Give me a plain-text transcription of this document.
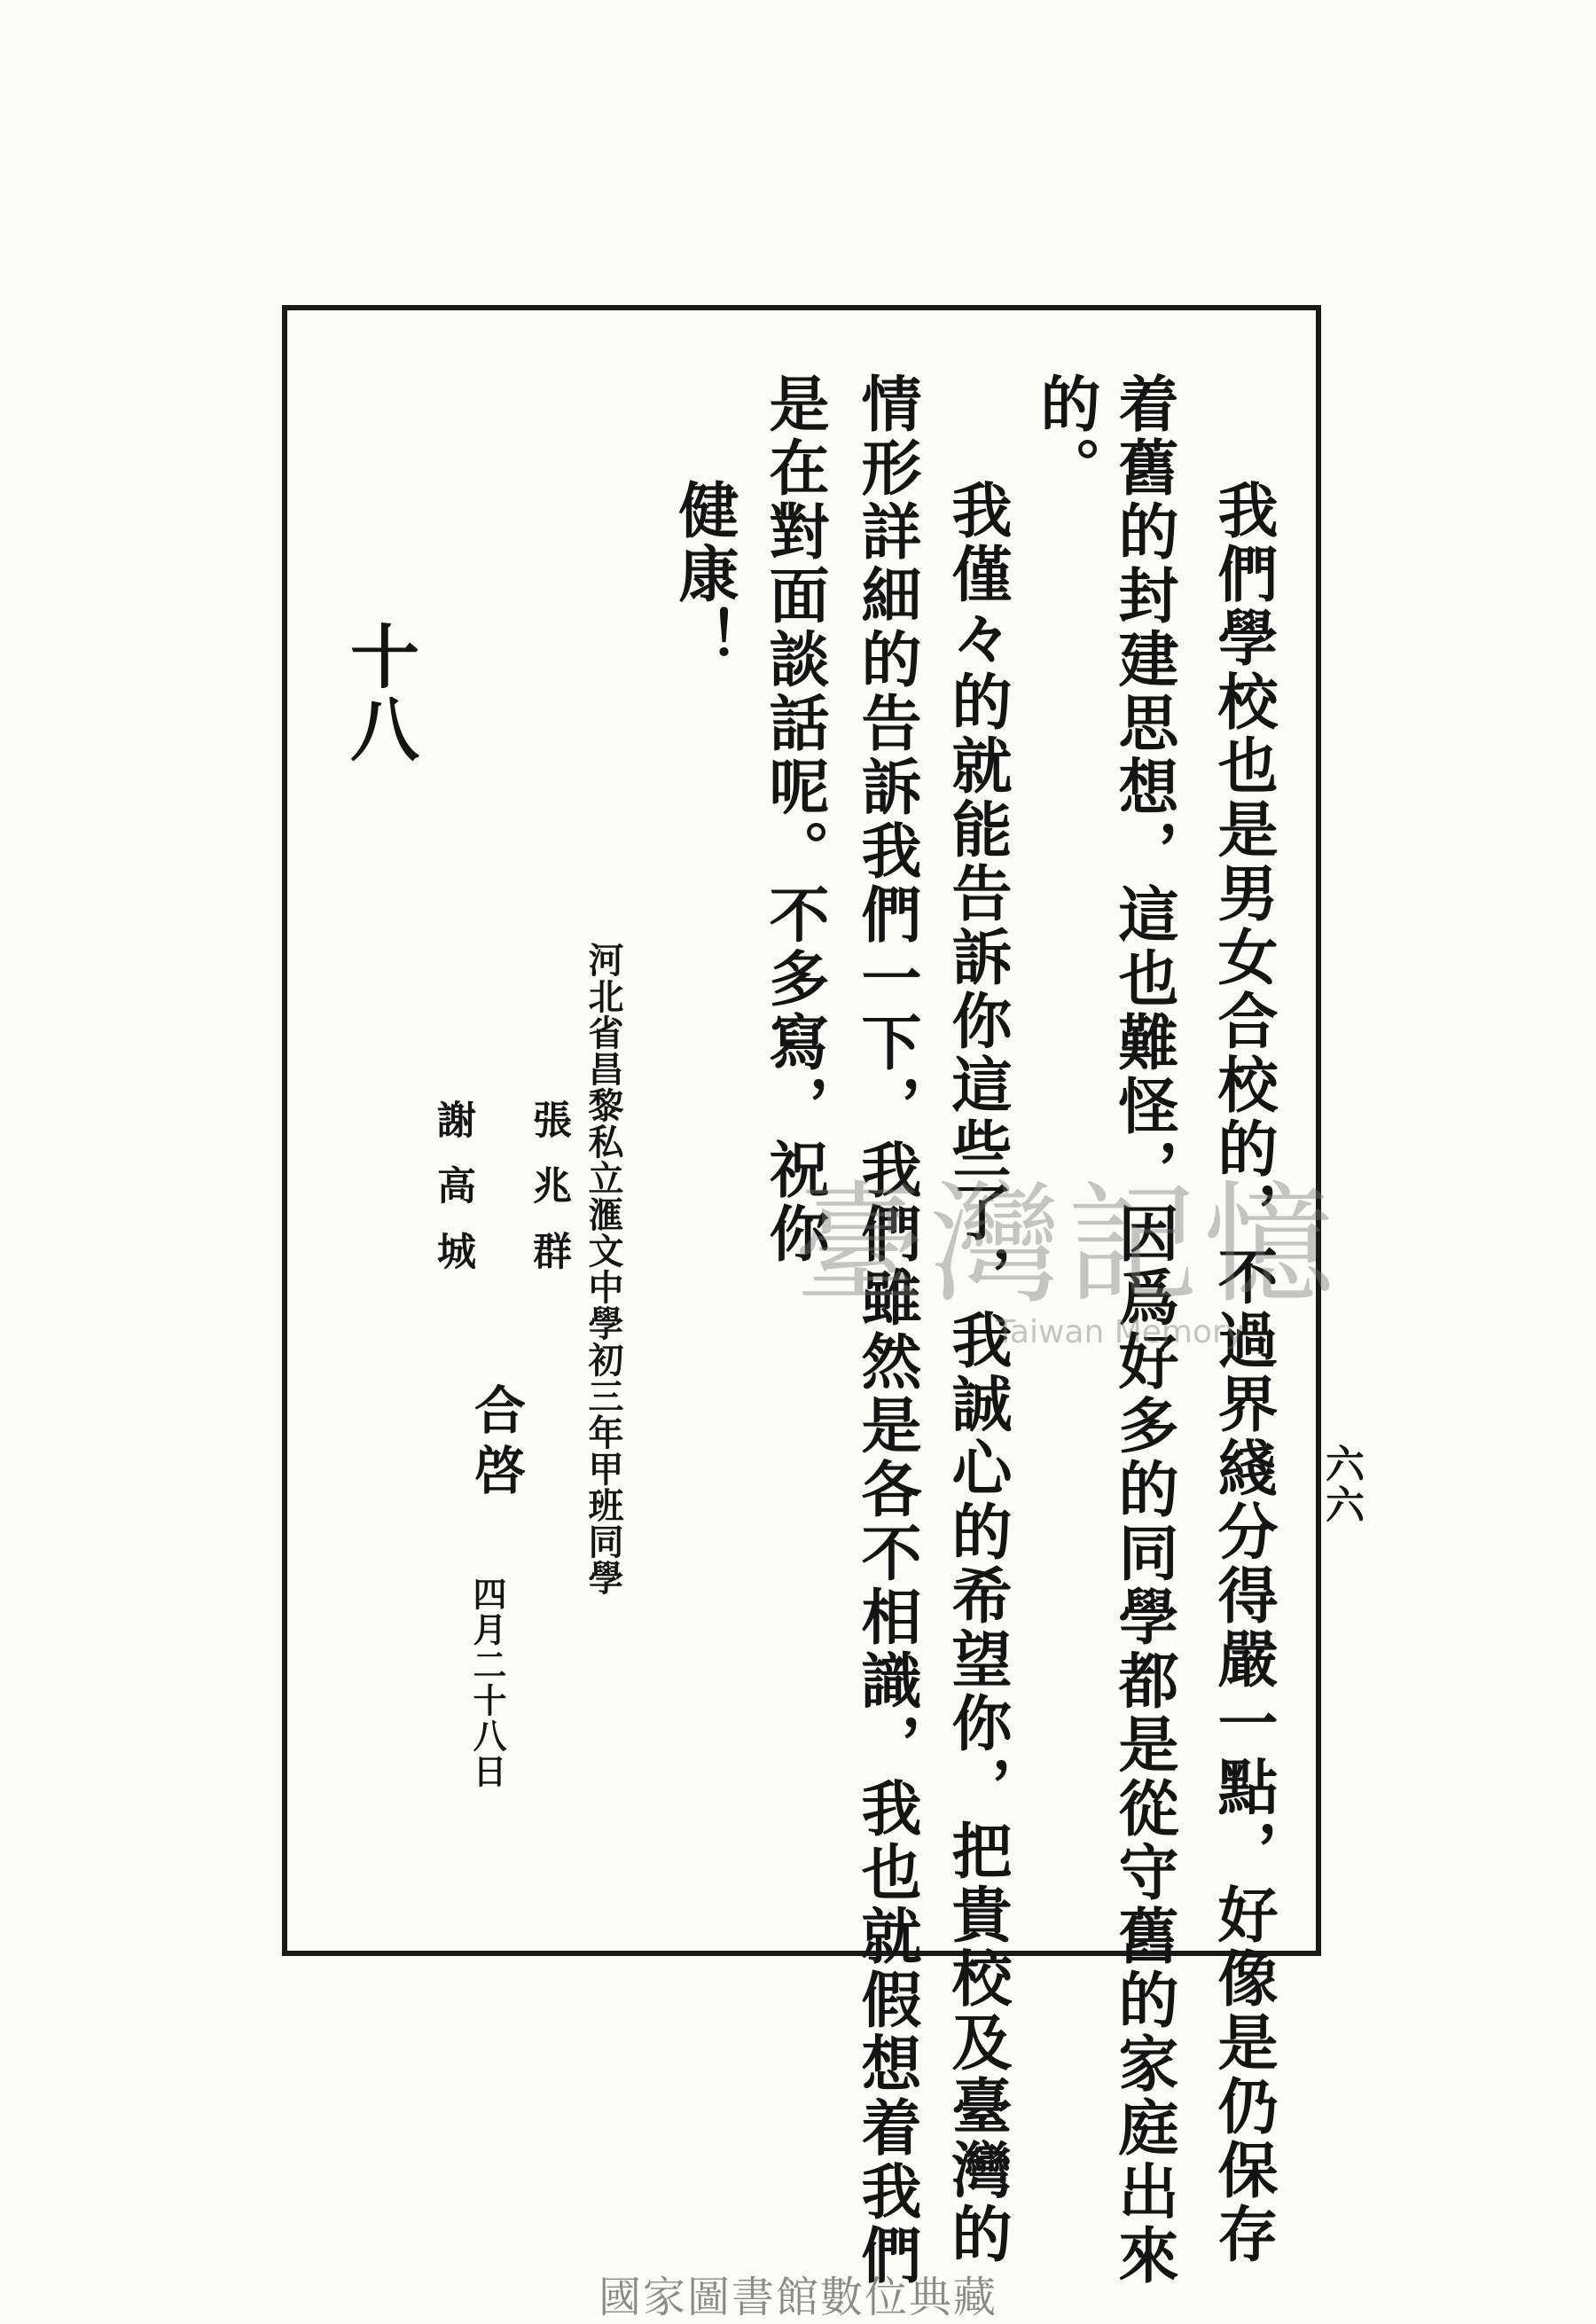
六六
我們學校也是男女合校的，不過界綫分得嚴一點，好像是仍保存
着舊的封建思想，這也難怪，因爲好多的同學都是從守舊的家庭出來
的。
我僅々的就能告訴你這些了，我誠心的希望你，把貴校及臺灣的
情形詳細的告訴我們一下，我們雖然是各不相識，我也就假想着我們
是在對面談話呢。不多寫，祝你
健康！
十八
河北省昌黎私立滙文中學初三年甲班同學
張兆群
謝高城
合啓
四月二十八日
臺灣記憶
Taiwan Memory
國家圖書館數位典藏
